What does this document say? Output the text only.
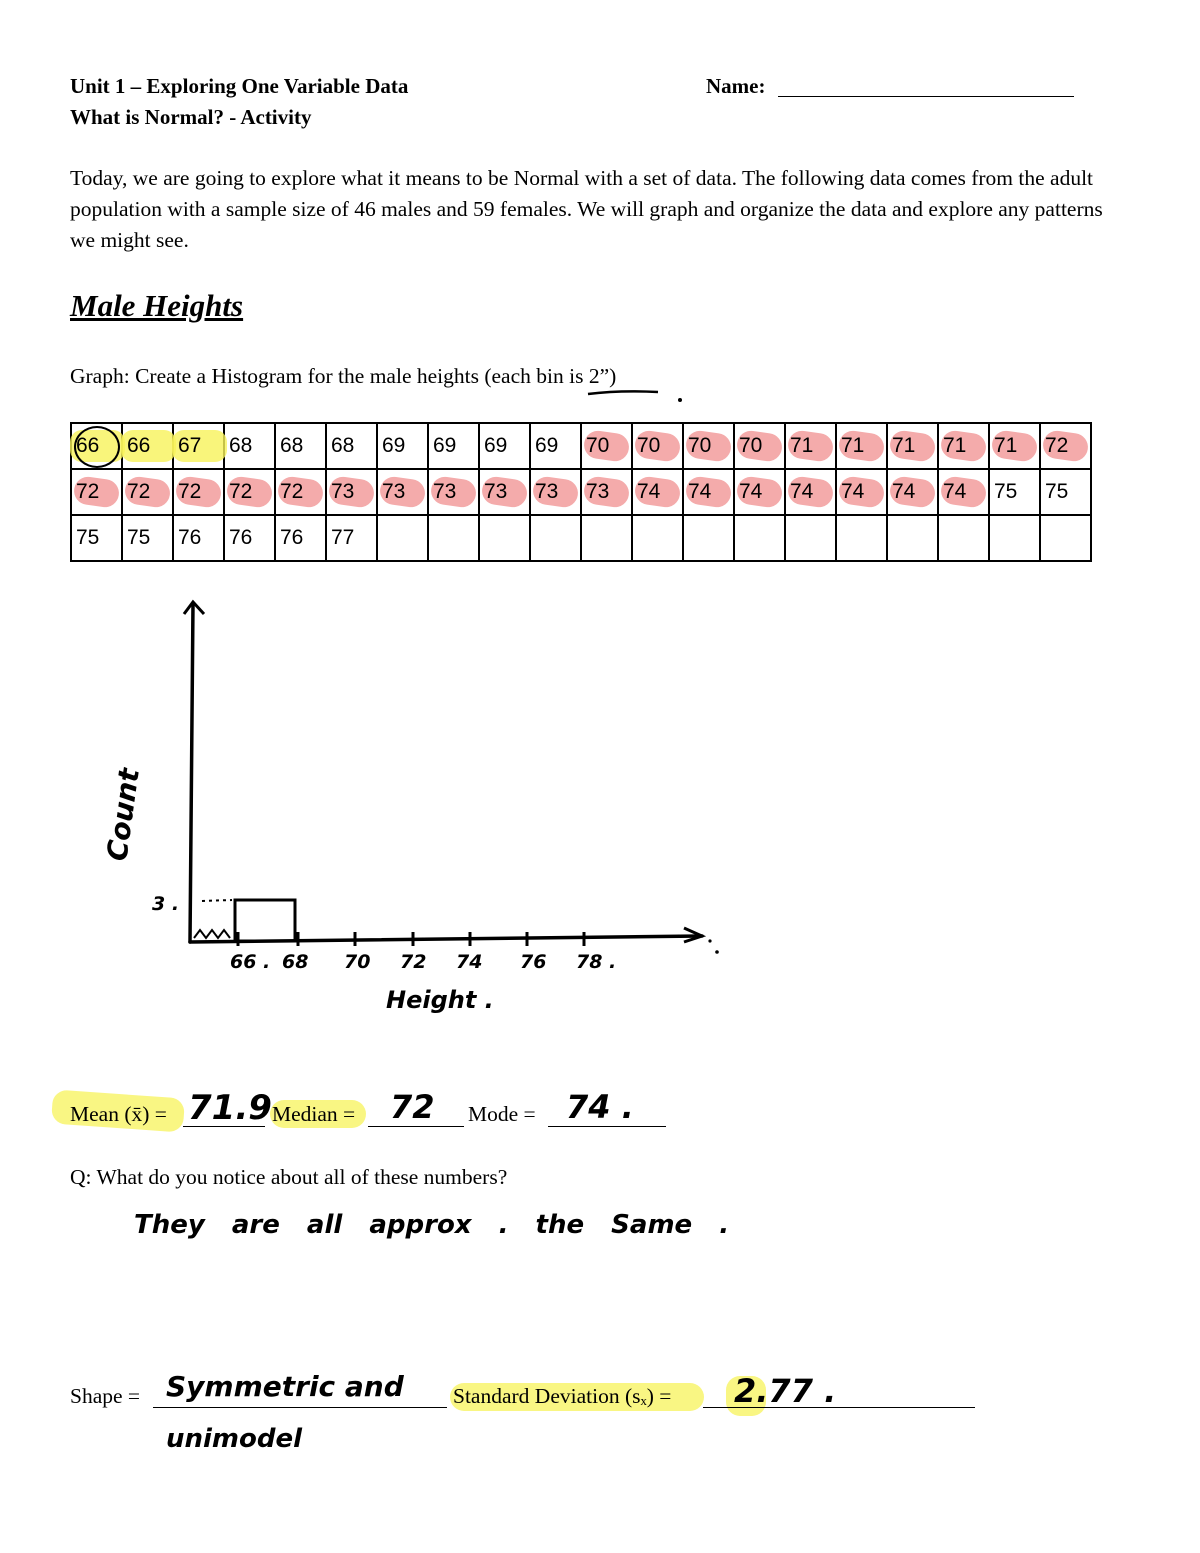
Unit 1 – Exploring One Variable Data
What is Normal? - Activity
Name:
Today, we are going to explore what it means to be Normal with a set of data. The following data comes from the adult population with a sample size of 46 males and 59 females. We will graph and organize the data and explore any patterns we might see.
Male Heights
Graph: Create a Histogram for the male heights (each bin is 2”)
66	66	67	68	68	68	69	69	69	69	70	70	70	70	71	71	71	71	71	72

72	72	72	72	72	73	73	73	73	73	73	74	74	74	74	74	74	74	75	75
75	75	76	76	76	77														
66 . 68 70 72 74 76 78 .
3 .
Count
Height .
Mean (x̄) = 71.9 Median = 72 Mode = 74 .
Q: What do you notice about all of these numbers?
They are all approx . the Same .
Shape = Symmetric and
unimodel
Standard Deviation (sₓ) = 2.77 .
